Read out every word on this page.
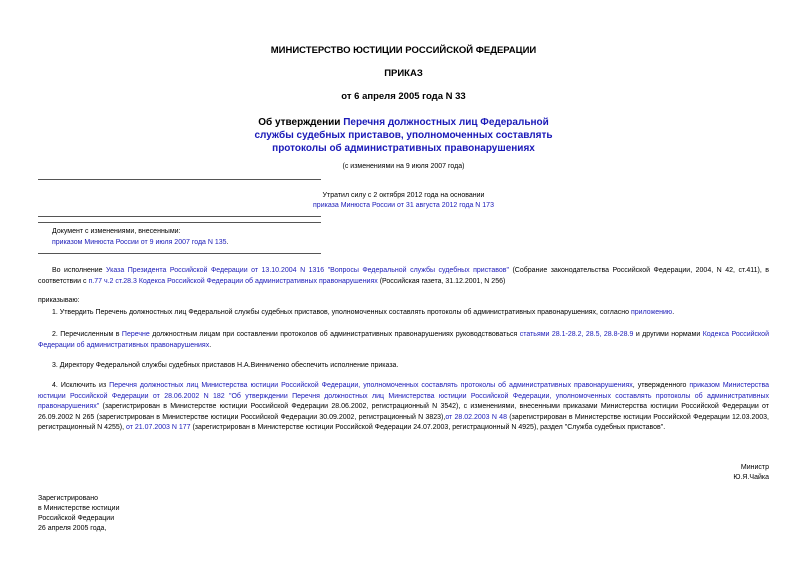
МИНИСТЕРСТВО ЮСТИЦИИ РОССИЙСКОЙ ФЕДЕРАЦИИ
ПРИКАЗ
от 6 апреля 2005 года N 33
Об утверждении Перечня должностных лиц Федеральной
службы судебных приставов, уполномоченных составлять
протоколы об административных правонарушениях
(с изменениями на 9 июля 2007 года)
Утратил силу с 2 октября 2012 года на основании
приказа Минюста России от 31 августа 2012 года N 173
Документ с изменениями, внесенными:
приказом Минюста России от 9 июля 2007 года N 135.

Во исполнение Указа Президента Российской Федерации от 13.10.2004 N 1316 "Вопросы Федеральной службы судебных приставов" (Собрание законодательства Российской Федерации, 2004, N 42, ст.411), в соответствии с п.77 ч.2 ст.28.3 Кодекса Российской Федерации об административных правонарушениях (Российская газета, 31.12.2001, N 256)

приказываю:

1. Утвердить Перечень должностных лиц Федеральной службы судебных приставов, уполномоченных составлять протоколы об административных правонарушениях, согласно приложению.

2. Перечисленным в Перечне должностным лицам при составлении протоколов об административных правонарушениях руководствоваться статьями 28.1-28.2, 28.5, 28.8-28.9 и другими нормами Кодекса Российской Федерации об административных правонарушениях.

3. Директору Федеральной службы судебных приставов Н.А.Винниченко обеспечить исполнение приказа.

4. Исключить из Перечня должностных лиц Министерства юстиции Российской Федерации, уполномоченных составлять протоколы об административных правонарушениях, утвержденного приказом Министерства юстиции Российской Федерации от 28.06.2002 N 182 "Об утверждении Перечня должностных лиц Министерства юстиции Российской Федерации, уполномоченных составлять протоколы об административных правонарушениях" (зарегистрирован в Министерстве юстиции Российской Федерации 28.06.2002, регистрационный N 3542), с изменениями, внесенными приказами Министерства юстиции Российской Федерации от 26.09.2002 N 265 (зарегистрирован в Министерстве юстиции Российской Федерации 30.09.2002, регистрационный N 3823),от 28.02.2003 N 48 (зарегистрирован в Министерстве юстиции Российской Федерации 12.03.2003, регистрационный N 4255), от 21.07.2003 N 177 (зарегистрирован в Министерстве юстиции Российской Федерации 24.07.2003, регистрационный N 4925), раздел "Служба судебных приставов".

Министр
Ю.Я.Чайка
Зарегистрировано
в Министерстве юстиции
Российской Федерации
26 апреля 2005 года,
